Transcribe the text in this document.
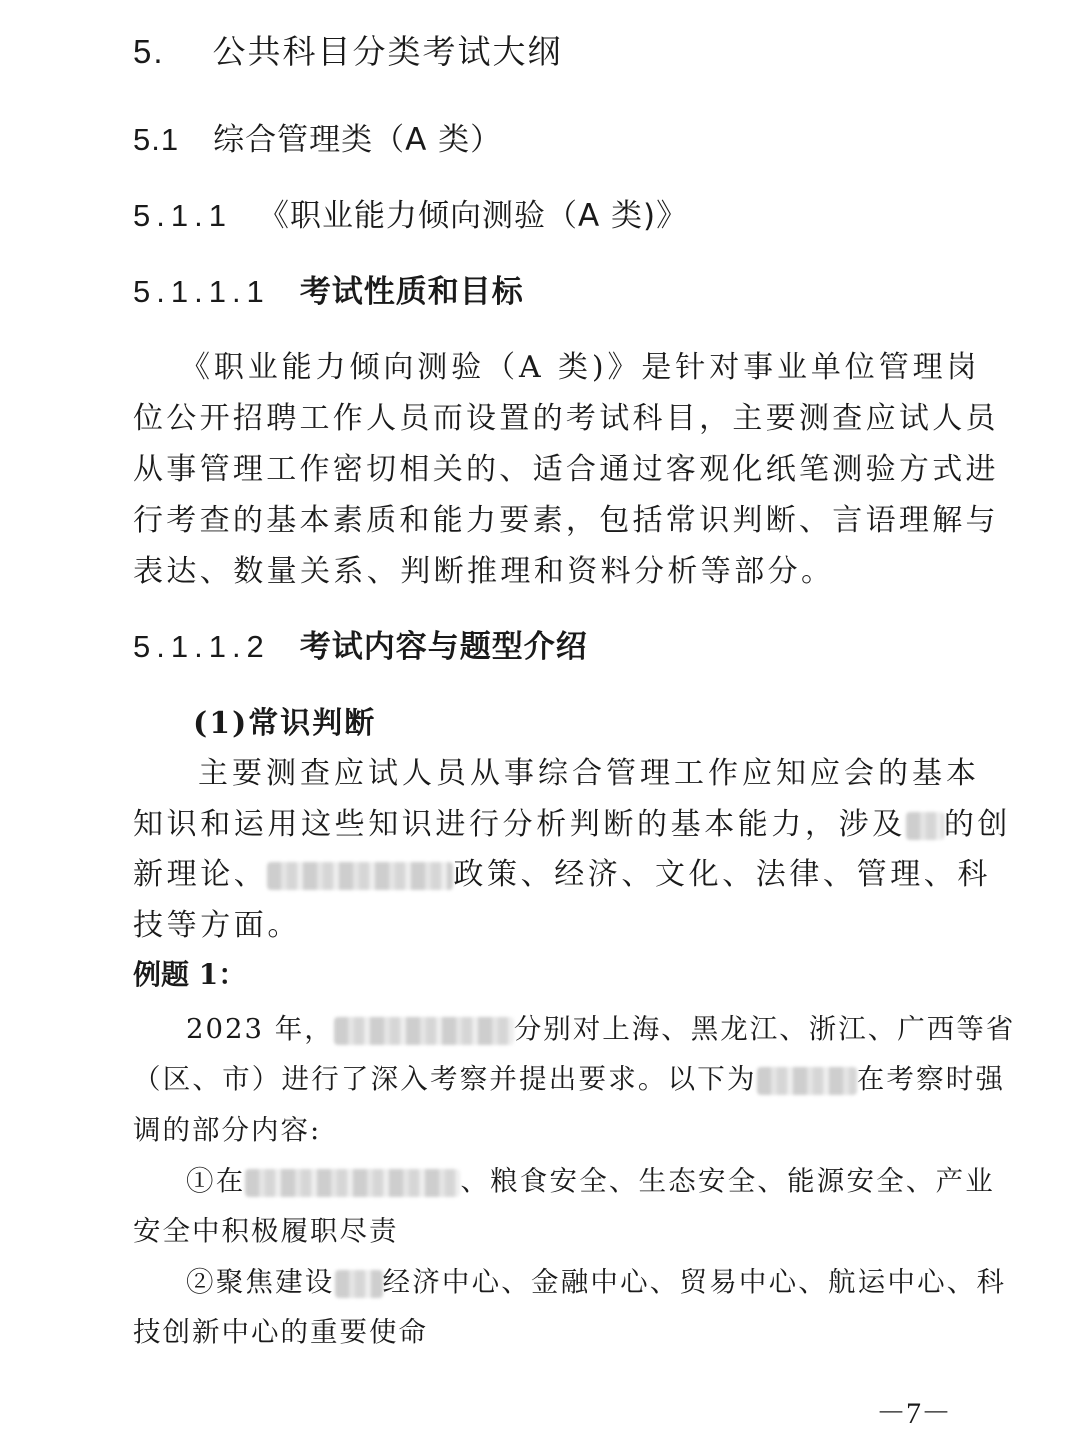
5. 公共科目分类考试大纲
5.1 综合管理类（A 类）
5.1.1 《职业能力倾向测验（A 类)》
5.1.1.1 考试性质和目标
《职业能力倾向测验（A 类)》是针对事业单位管理岗
位公开招聘工作人员而设置的考试科目，主要测查应试人员
从事管理工作密切相关的、适合通过客观化纸笔测验方式进
行考查的基本素质和能力要素，包括常识判断、言语理解与
表达、数量关系、判断推理和资料分析等部分。
5.1.1.2 考试内容与题型介绍
(1)常识判断
主要测查应试人员从事综合管理工作应知应会的基本
知识和运用这些知识进行分析判断的基本能力，涉及 的创
新理论、	政策、经济、文化、法律、管理、科
技等方面。
例题 1：
2023 年，	分别对上海、黑龙江、浙江、广西等省
（区、市）进行了深入考察并提出要求。以下为	在考察时强
调的部分内容:
①在	、粮食安全、生态安全、能源安全、产业
安全中积极履职尽责
②聚焦建设 经济中心、金融中心、贸易中心、航运中心、科
技创新中心的重要使命
－7－
